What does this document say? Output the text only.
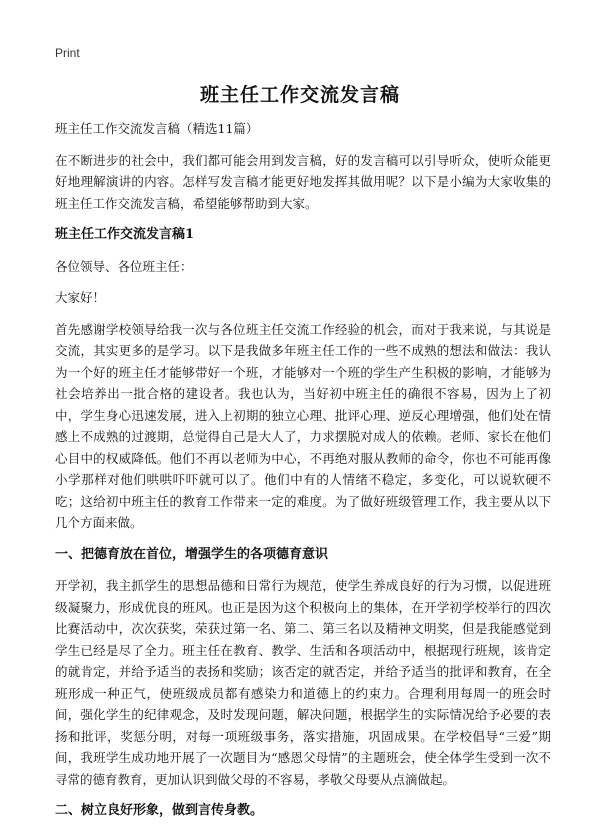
Print
班主任工作交流发言稿

班主任工作交流发言稿（精选11篇）

在不断进步的社会中，我们都可能会用到发言稿，好的发言稿可以引导听众，使听众能更好地理解演讲的内容。怎样写发言稿才能更好地发挥其做用呢？以下是小编为大家收集的班主任工作交流发言稿，希望能够帮助到大家。

班主任工作交流发言稿1

各位领导、各位班主任：

大家好！

首先感谢学校领导给我一次与各位班主任交流工作经验的机会，而对于我来说，与其说是交流，其实更多的是学习。以下是我做多年班主任工作的一些不成熟的想法和做法：我认为一个好的班主任才能够带好一个班，才能够对一个班的学生产生积极的影响，才能够为社会培养出一批合格的建设者。我也认为，当好初中班主任的确很不容易，因为上了初中，学生身心迅速发展，进入上初期的独立心理、批评心理、逆反心理增强，他们处在情感上不成熟的过渡期，总觉得自己是大人了，力求摆脱对成人的依赖。老师、家长在他们心目中的权威降低。他们不再以老师为中心，不再绝对服从教师的命令，你也不可能再像小学那样对他们哄哄吓吓就可以了。他们中有的人情绪不稳定，多变化，可以说软硬不吃；这给初中班主任的教育工作带来一定的难度。为了做好班级管理工作，我主要从以下几个方面来做。

一、把德育放在首位，增强学生的各项德育意识

开学初，我主抓学生的思想品德和日常行为规范，使学生养成良好的行为习惯，以促进班级凝聚力，形成优良的班风。也正是因为这个积极向上的集体，在开学初学校举行的四次比赛活动中，次次获奖，荣获过第一名、第二、第三名以及精神文明奖，但是我能感觉到学生已经是尽了全力。班主任在教育、教学、生活和各项活动中，根据现行班规，该肯定的就肯定，并给予适当的表扬和奖励；该否定的就否定，并给予适当的批评和教育，在全班形成一种正气，使班级成员都有感染力和道德上的约束力。合理利用每周一的班会时间，强化学生的纪律观念，及时发现问题，解决问题，根据学生的实际情况给予必要的表扬和批评，奖惩分明，对每一项班级事务，落实措施，巩固成果。在学校倡导“三爱”期间，我班学生成功地开展了一次题目为“感恩父母情”的主题班会，使全体学生受到一次不寻常的德育教育，更加认识到做父母的不容易，孝敬父母要从点滴做起。

二、树立良好形象，做到言传身教。
